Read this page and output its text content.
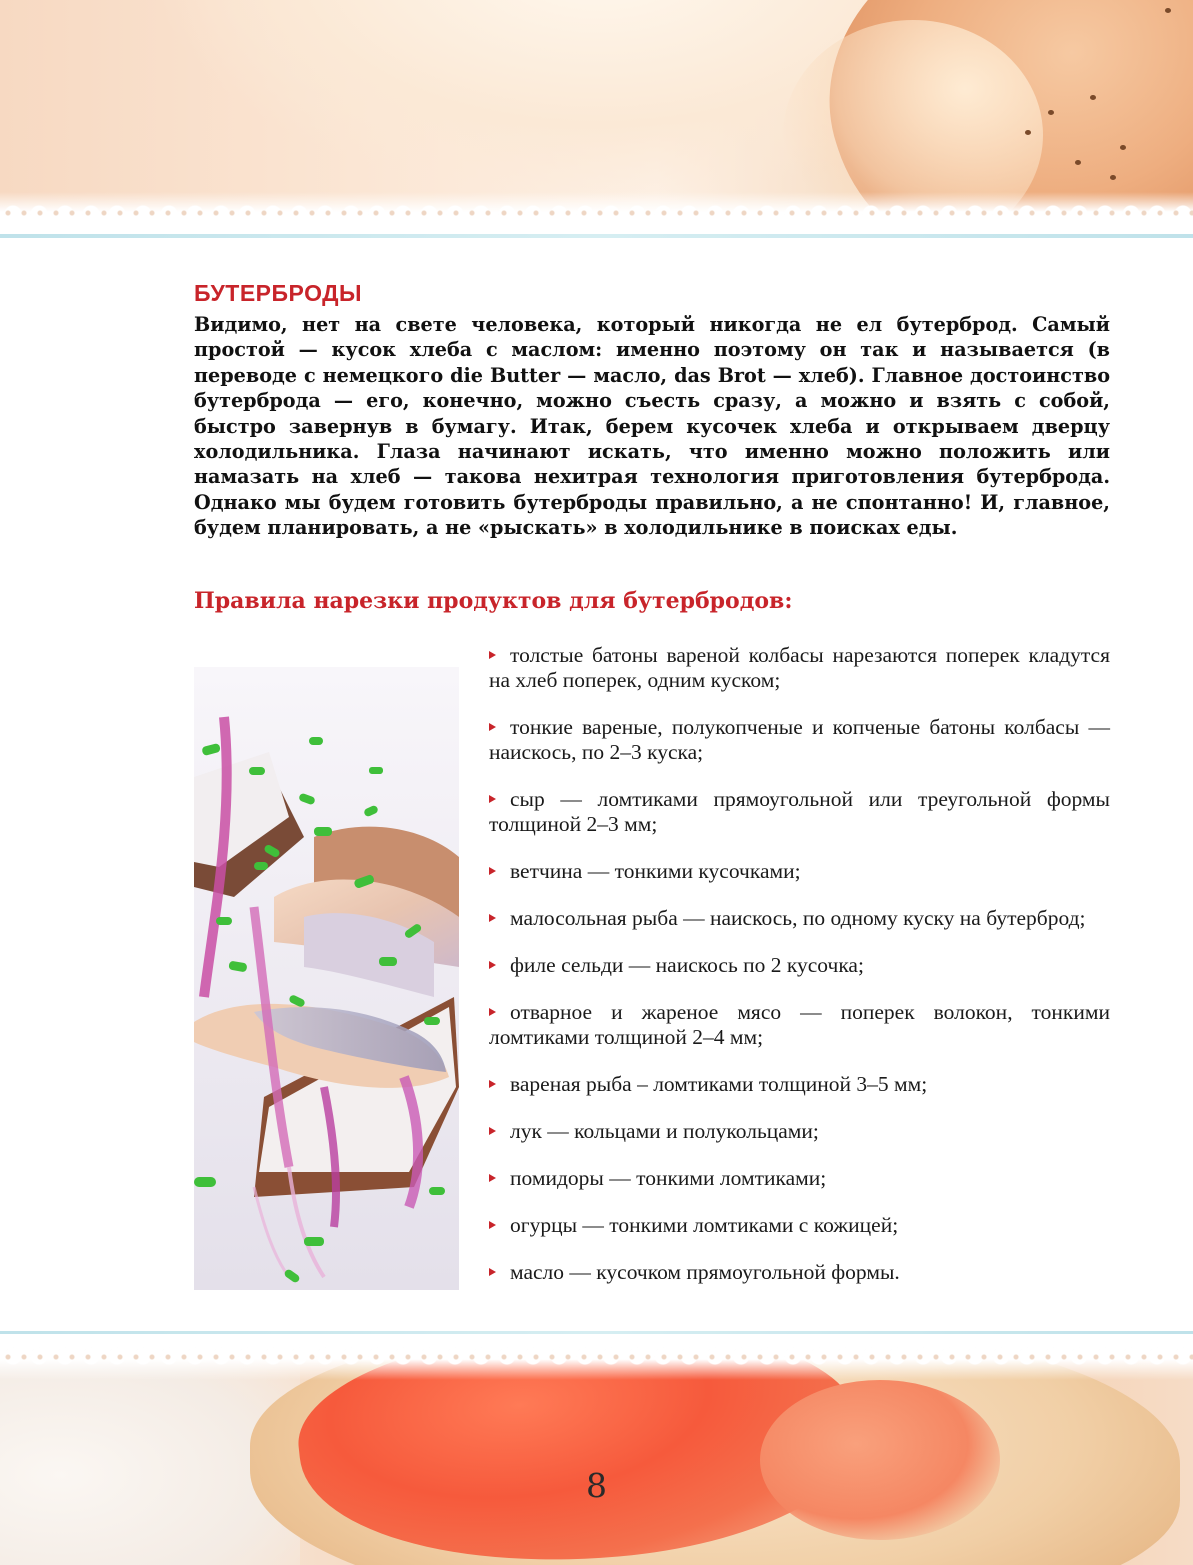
БУТЕРБРОДЫ

Видимо, нет на свете человека, который никогда не ел бутерброд. Самый простой — кусок хлеба с маслом: именно поэтому он так и называется (в переводе с немецкого die Butter — масло, das Brot — хлеб). Главное достоинство бутерброда — его, конечно, можно съесть сразу, а можно и взять с собой, быстро завернув в бумагу. Итак, берем кусочек хлеба и открываем дверцу холодильника. Глаза начинают искать, что именно можно положить или намазать на хлеб — такова нехитрая технология приготовления бутерброда. Однако мы будем готовить бутерброды правильно, а не спонтанно! И, главное, будем планировать, а не «рыскать» в холодильнике в поисках еды.

Правила нарезки продуктов для бутербродов:
толстые батоны вареной колбасы нарезаются поперек кладутся на хлеб поперек, одним куском;
тонкие вареные, полукопченые и копченые батоны колбасы — наискось, по 2–3 куска;
сыр — ломтиками прямоугольной или треугольной формы толщиной 2–3 мм;
ветчина — тонкими кусочками;
малосольная рыба — наискось, по одному куску на бутерброд;
филе сельди — наискось по 2 кусочка;
отварное и жареное мясо — поперек волокон, тонкими ломтиками толщиной 2–4 мм;
вареная рыба – ломтиками толщиной 3–5 мм;
лук — кольцами и полукольцами;
помидоры — тонкими ломтиками;
огурцы — тонкими ломтиками с кожицей;
масло — кусочком прямоугольной формы.

8
